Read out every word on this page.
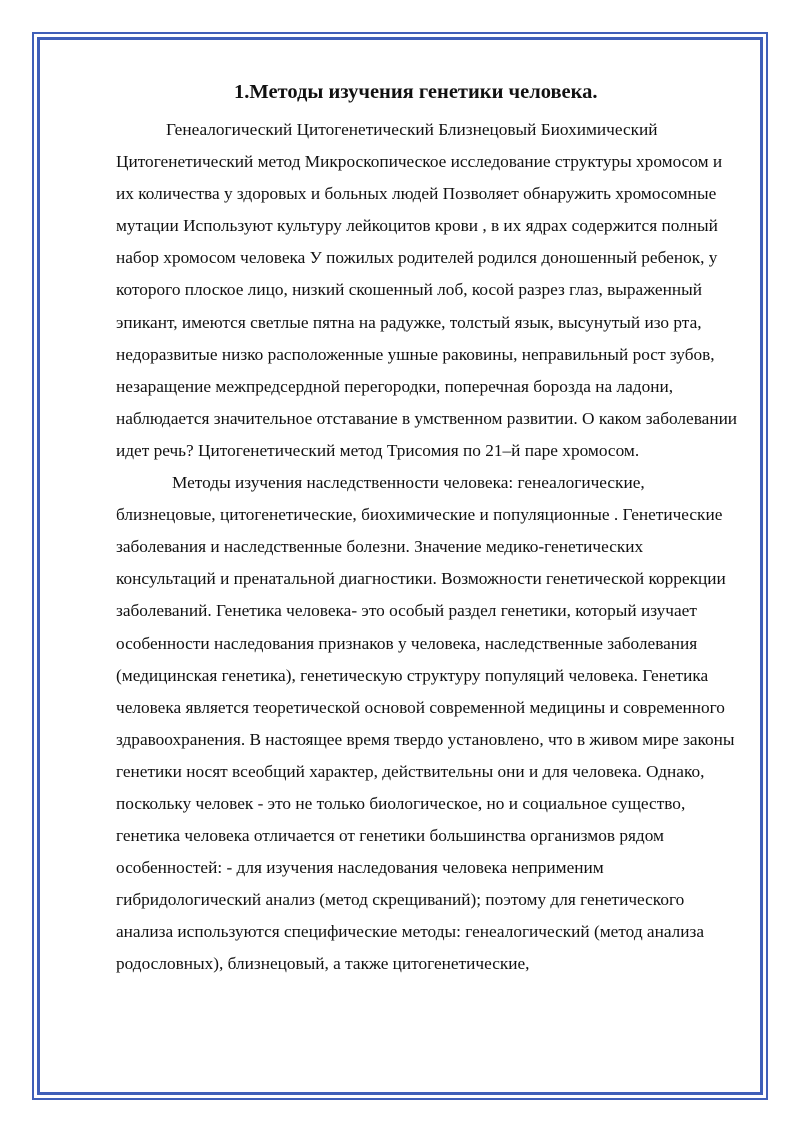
1.Методы изучения генетики человека.

Генеалогический Цитогенетический Близнецовый Биохимический Цитогенетический метод Микроскопическое исследование структуры хромосом и их количества у здоровых и больных людей Позволяет обнаружить хромосомные мутации Используют культуру лейкоцитов крови , в их ядрах содержится полный набор хромосом человека У пожилых родителей родился доношенный ребенок, у которого плоское лицо, низкий скошенный лоб, косой разрез глаз, выраженный эпикант, имеются светлые пятна на радужке, толстый язык, высунутый изо рта, недоразвитые низко расположенные ушные раковины, неправильный рост зубов, незаращение межпредсердной перегородки, поперечная борозда на ладони, наблюдается значительное отставание в умственном развитии. О каком заболевании идет речь? Цитогенетический метод Трисомия по 21–й паре хромосом.

Методы изучения наследственности человека: генеалогические, близнецовые, цитогенетические, биохимические и популяционные . Генетические заболевания и наследственные болезни. Значение медико-генетических консультаций и пренатальной диагностики. Возможности генетической коррекции заболеваний. Генетика человека- это особый раздел генетики, который изучает особенности наследования признаков у человека, наследственные заболевания (медицинская генетика), генетическую структуру популяций человека. Генетика человека является теоретической основой современной медицины и современного здравоохранения. В настоящее время твердо установлено, что в живом мире законы генетики носят всеобщий характер, действительны они и для человека. Однако, поскольку человек - это не только биологическое, но и социальное существо, генетика человека отличается от генетики большинства организмов рядом особенностей: - для изучения наследования человека неприменим гибридологический анализ (метод скрещиваний); поэтому для генетического анализа используются специфические методы: генеалогический (метод анализа родословных), близнецовый, а также цитогенетические,
